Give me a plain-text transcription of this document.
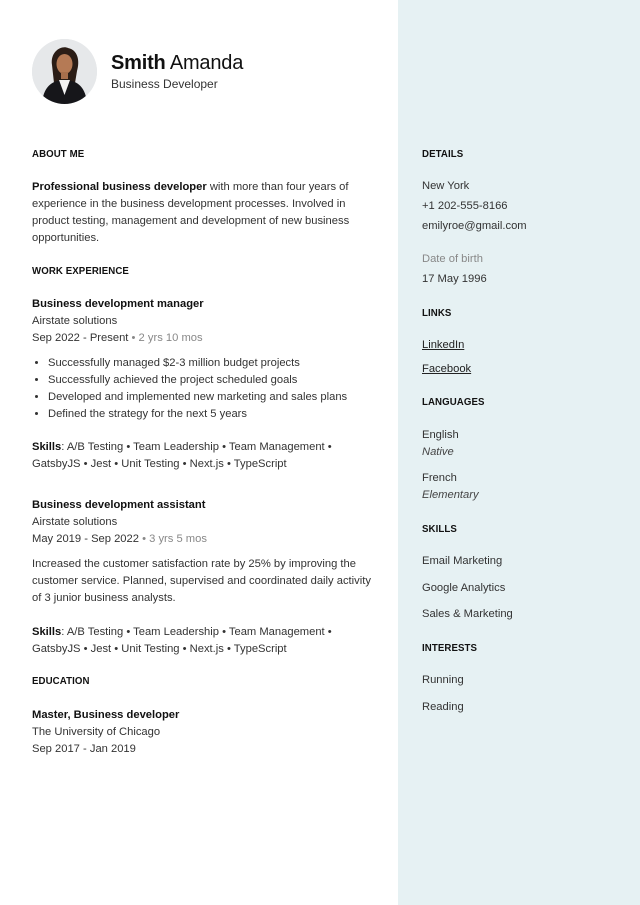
Smith Amanda
Business Developer
ABOUT ME

Professional business developer with more than four years of experience in the business development processes. Involved in product testing, management and development of new business opportunities.

WORK EXPERIENCE
Business development manager
Airstate solutions
Sep 2022 - Present • 2 yrs 10 mos
• Successfully managed $2-3 million budget projects
• Successfully achieved the project scheduled goals
• Developed and implemented new marketing and sales plans
• Defined the strategy for the next 5 years

Skills: A/B Testing • Team Leadership • Team Management • GatsbyJS • Jest • Unit Testing • Next.js • TypeScript

Business development assistant
Airstate solutions
May 2019 - Sep 2022 • 3 yrs 5 mos

Increased the customer satisfaction rate by 25% by improving the customer service. Planned, supervised and coordinated daily activity of 3 junior business analysts.

Skills: A/B Testing • Team Leadership • Team Management • GatsbyJS • Jest • Unit Testing • Next.js • TypeScript

EDUCATION
Master, Business developer
The University of Chicago
Sep 2017 - Jan 2019
DETAILS
New York
+1 202-555-8166
emilyroe@gmail.com
Date of birth
17 May 1996
LINKS
LinkedIn
Facebook
LANGUAGES
English
Native
French
Elementary
SKILLS
Email Marketing
Google Analytics
Sales & Marketing
INTERESTS
Running
Reading
